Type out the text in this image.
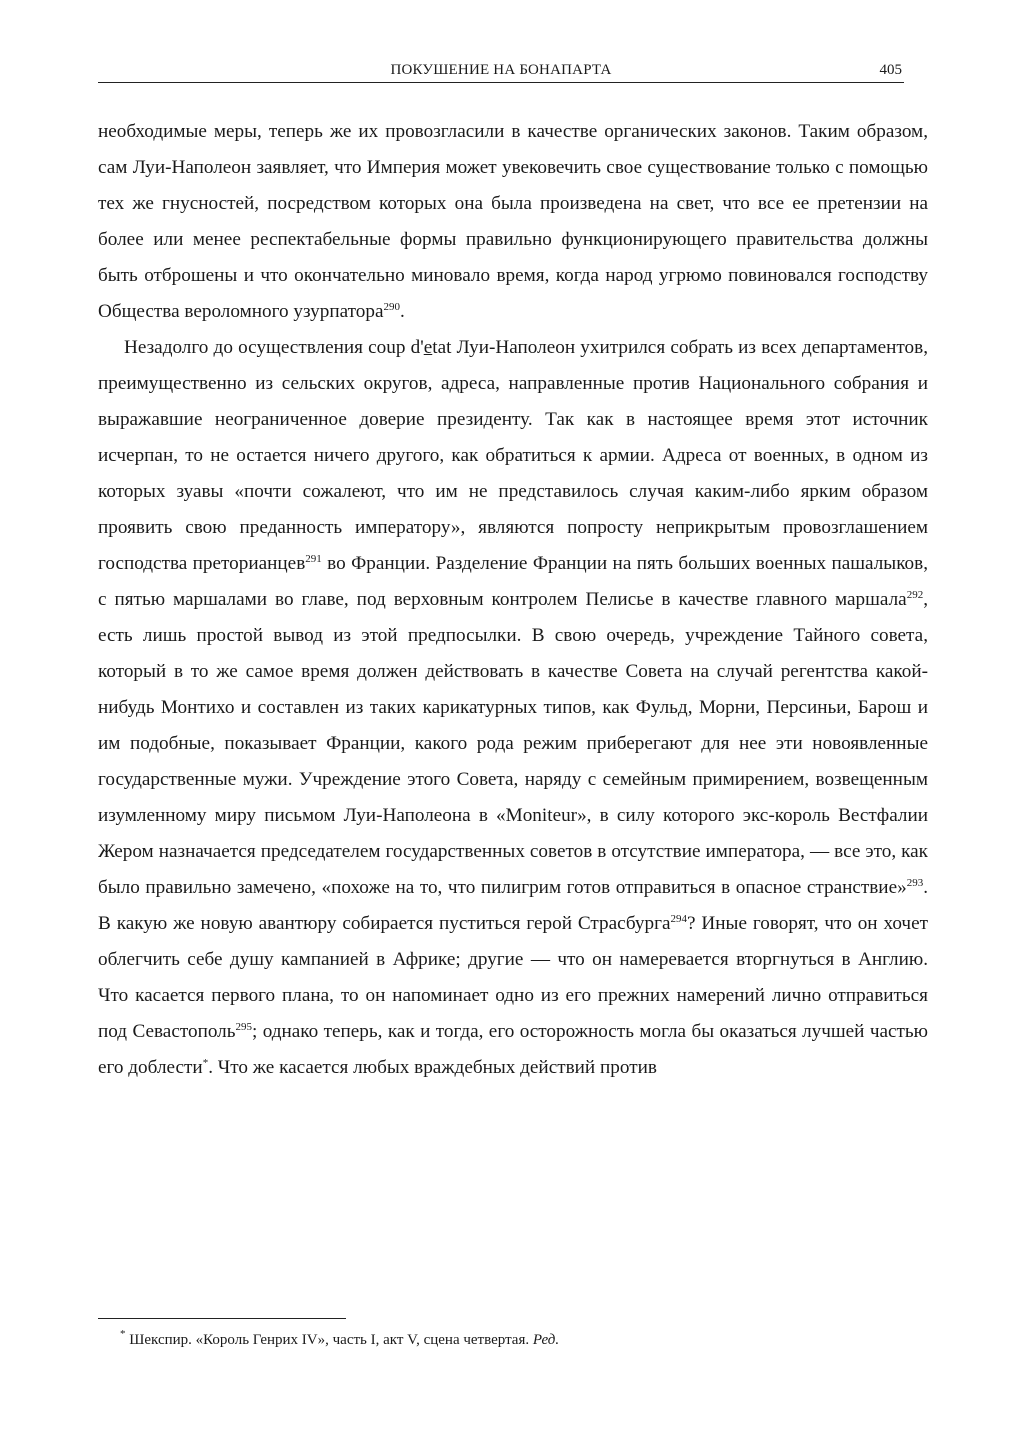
ПОКУШЕНИЕ НА БОНАПАРТА	405

необходимые меры, теперь же их провозгласили в качестве органических законов. Таким образом, сам Луи-Наполеон заявляет, что Империя может увековечить свое существование только с помощью тех же гнусностей, посредством которых она была произведена на свет, что все ее претензии на более или менее респектабельные формы правильно функционирующего правительства должны быть отброшены и что окончательно миновало время, когда народ угрюмо повиновался господству Общества вероломного узурпатора$^{290}$.

Незадолго до осуществления coup d'etat Луи-Наполеон ухитрился собрать из всех департаментов, преимущественно из сельских округов, адреса, направленные против Национального собрания и выражавшие неограниченное доверие президенту. Так как в настоящее время этот источник исчерпан, то не остается ничего другого, как обратиться к армии. Адреса от военных, в одном из которых зуавы «почти сожалеют, что им не представилось случая каким-либо ярким образом проявить свою преданность императору», являются попросту неприкрытым провозглашением господства преторианцев$^{291}$ во Франции. Разделение Франции на пять больших военных пашалыков, с пятью маршалами во главе, под верховным контролем Пелисье в качестве главного маршала$^{292}$, есть лишь простой вывод из этой предпосылки. В свою очередь, учреждение Тайного совета, который в то же самое время должен действовать в качестве Совета на случай регентства какой-нибудь Монтихо и составлен из таких карикатурных типов, как Фульд, Морни, Персиньи, Барош и им подобные, показывает Франции, какого рода режим приберегают для нее эти новоявленные государственные мужи. Учреждение этого Совета, наряду с семейным примирением, возвещенным изумленному миру письмом Луи-Наполеона в «Moniteur», в силу которого экс-король Вестфалии Жером назначается председателем государственных советов в отсутствие императора, — все это, как было правильно замечено, «похоже на то, что пилигрим готов отправиться в опасное странствие»$^{293}$. В какую же новую авантюру собирается пуститься герой Страсбурга$^{294}$? Иные говорят, что он хочет облегчить себе душу кампанией в Африке; другие — что он намеревается вторгнуться в Англию. Что касается первого плана, то он напоминает одно из его прежних намерений лично отправиться под Севастополь$^{295}$; однако теперь, как и тогда, его осторожность могла бы оказаться лучшей частью его доблести*. Что же касается любых враждебных действий против

* Шекспир. «Король Генрих IV», часть I, акт V, сцена четвертая. Ред.
